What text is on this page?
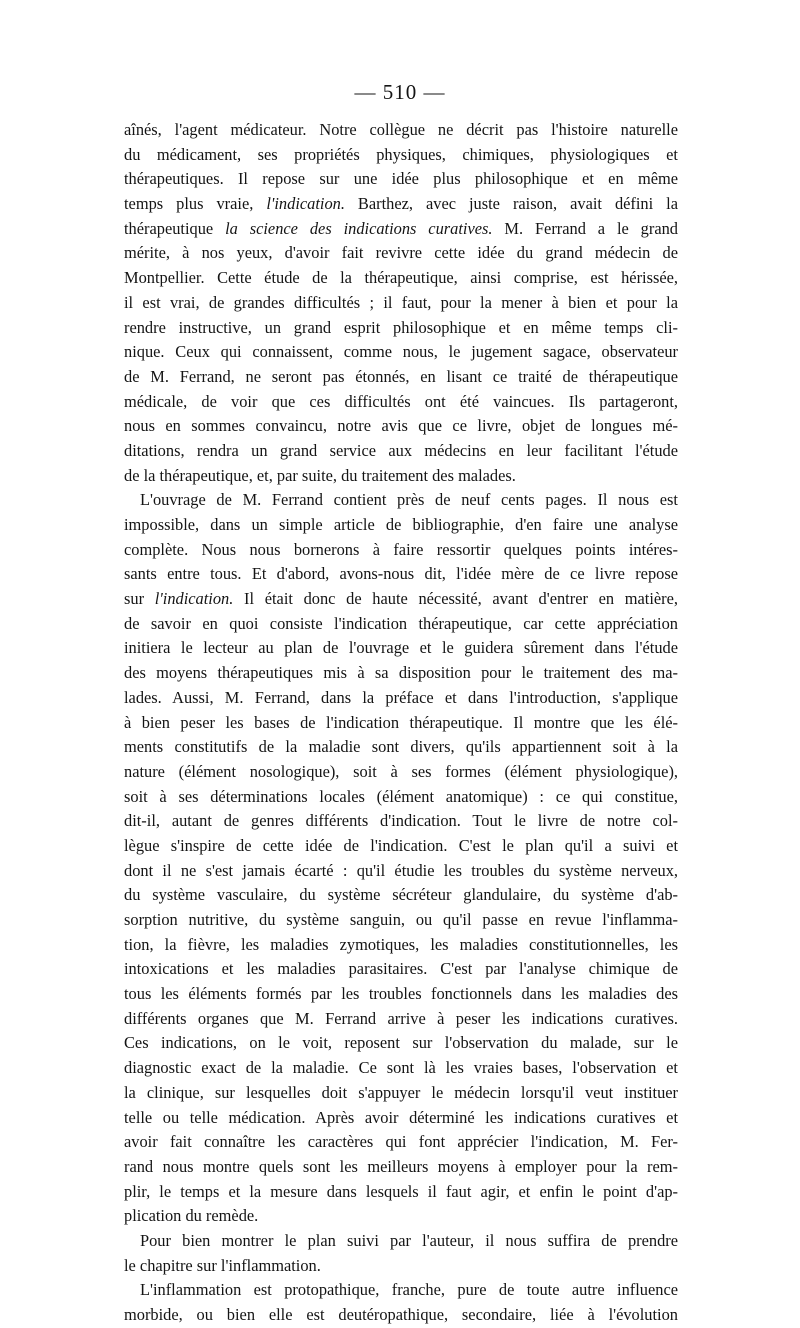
— 510 —
aînés, l'agent médicateur. Notre collègue ne décrit pas l'histoire naturelle
du médicament, ses propriétés physiques, chimiques, physiologiques et
thérapeutiques. Il repose sur une idée plus philosophique et en même
temps plus vraie, l'indication. Barthez, avec juste raison, avait défini la
thérapeutique la science des indications curatives. M. Ferrand a le grand
mérite, à nos yeux, d'avoir fait revivre cette idée du grand médecin de
Montpellier. Cette étude de la thérapeutique, ainsi comprise, est hérissée,
il est vrai, de grandes difficultés ; il faut, pour la mener à bien et pour la
rendre instructive, un grand esprit philosophique et en même temps cli-
nique. Ceux qui connaissent, comme nous, le jugement sagace, observateur
de M. Ferrand, ne seront pas étonnés, en lisant ce traité de thérapeutique
médicale, de voir que ces difficultés ont été vaincues. Ils partageront,
nous en sommes convaincu, notre avis que ce livre, objet de longues mé-
ditations, rendra un grand service aux médecins en leur facilitant l'étude
de la thérapeutique, et, par suite, du traitement des malades.
L'ouvrage de M. Ferrand contient près de neuf cents pages. Il nous est
impossible, dans un simple article de bibliographie, d'en faire une analyse
complète. Nous nous bornerons à faire ressortir quelques points intéres-
sants entre tous. Et d'abord, avons-nous dit, l'idée mère de ce livre repose
sur l'indication. Il était donc de haute nécessité, avant d'entrer en matière,
de savoir en quoi consiste l'indication thérapeutique, car cette appréciation
initiera le lecteur au plan de l'ouvrage et le guidera sûrement dans l'étude
des moyens thérapeutiques mis à sa disposition pour le traitement des ma-
lades. Aussi, M. Ferrand, dans la préface et dans l'introduction, s'applique
à bien peser les bases de l'indication thérapeutique. Il montre que les élé-
ments constitutifs de la maladie sont divers, qu'ils appartiennent soit à la
nature (élément nosologique), soit à ses formes (élément physiologique),
soit à ses déterminations locales (élément anatomique) : ce qui constitue,
dit-il, autant de genres différents d'indication. Tout le livre de notre col-
lègue s'inspire de cette idée de l'indication. C'est le plan qu'il a suivi et
dont il ne s'est jamais écarté : qu'il étudie les troubles du système nerveux,
du système vasculaire, du système sécréteur glandulaire, du système d'ab-
sorption nutritive, du système sanguin, ou qu'il passe en revue l'inflamma-
tion, la fièvre, les maladies zymotiques, les maladies constitutionnelles, les
intoxications et les maladies parasitaires. C'est par l'analyse chimique de
tous les éléments formés par les troubles fonctionnels dans les maladies des
différents organes que M. Ferrand arrive à peser les indications curatives.
Ces indications, on le voit, reposent sur l'observation du malade, sur le
diagnostic exact de la maladie. Ce sont là les vraies bases, l'observation et
la clinique, sur lesquelles doit s'appuyer le médecin lorsqu'il veut instituer
telle ou telle médication. Après avoir déterminé les indications curatives et
avoir fait connaître les caractères qui font apprécier l'indication, M. Fer-
rand nous montre quels sont les meilleurs moyens à employer pour la rem-
plir, le temps et la mesure dans lesquels il faut agir, et enfin le point d'ap-
plication du remède.
Pour bien montrer le plan suivi par l'auteur, il nous suffira de prendre
le chapitre sur l'inflammation.
L'inflammation est protopathique, franche, pure de toute autre influence
morbide, ou bien elle est deutéropathique, secondaire, liée à l'évolution
